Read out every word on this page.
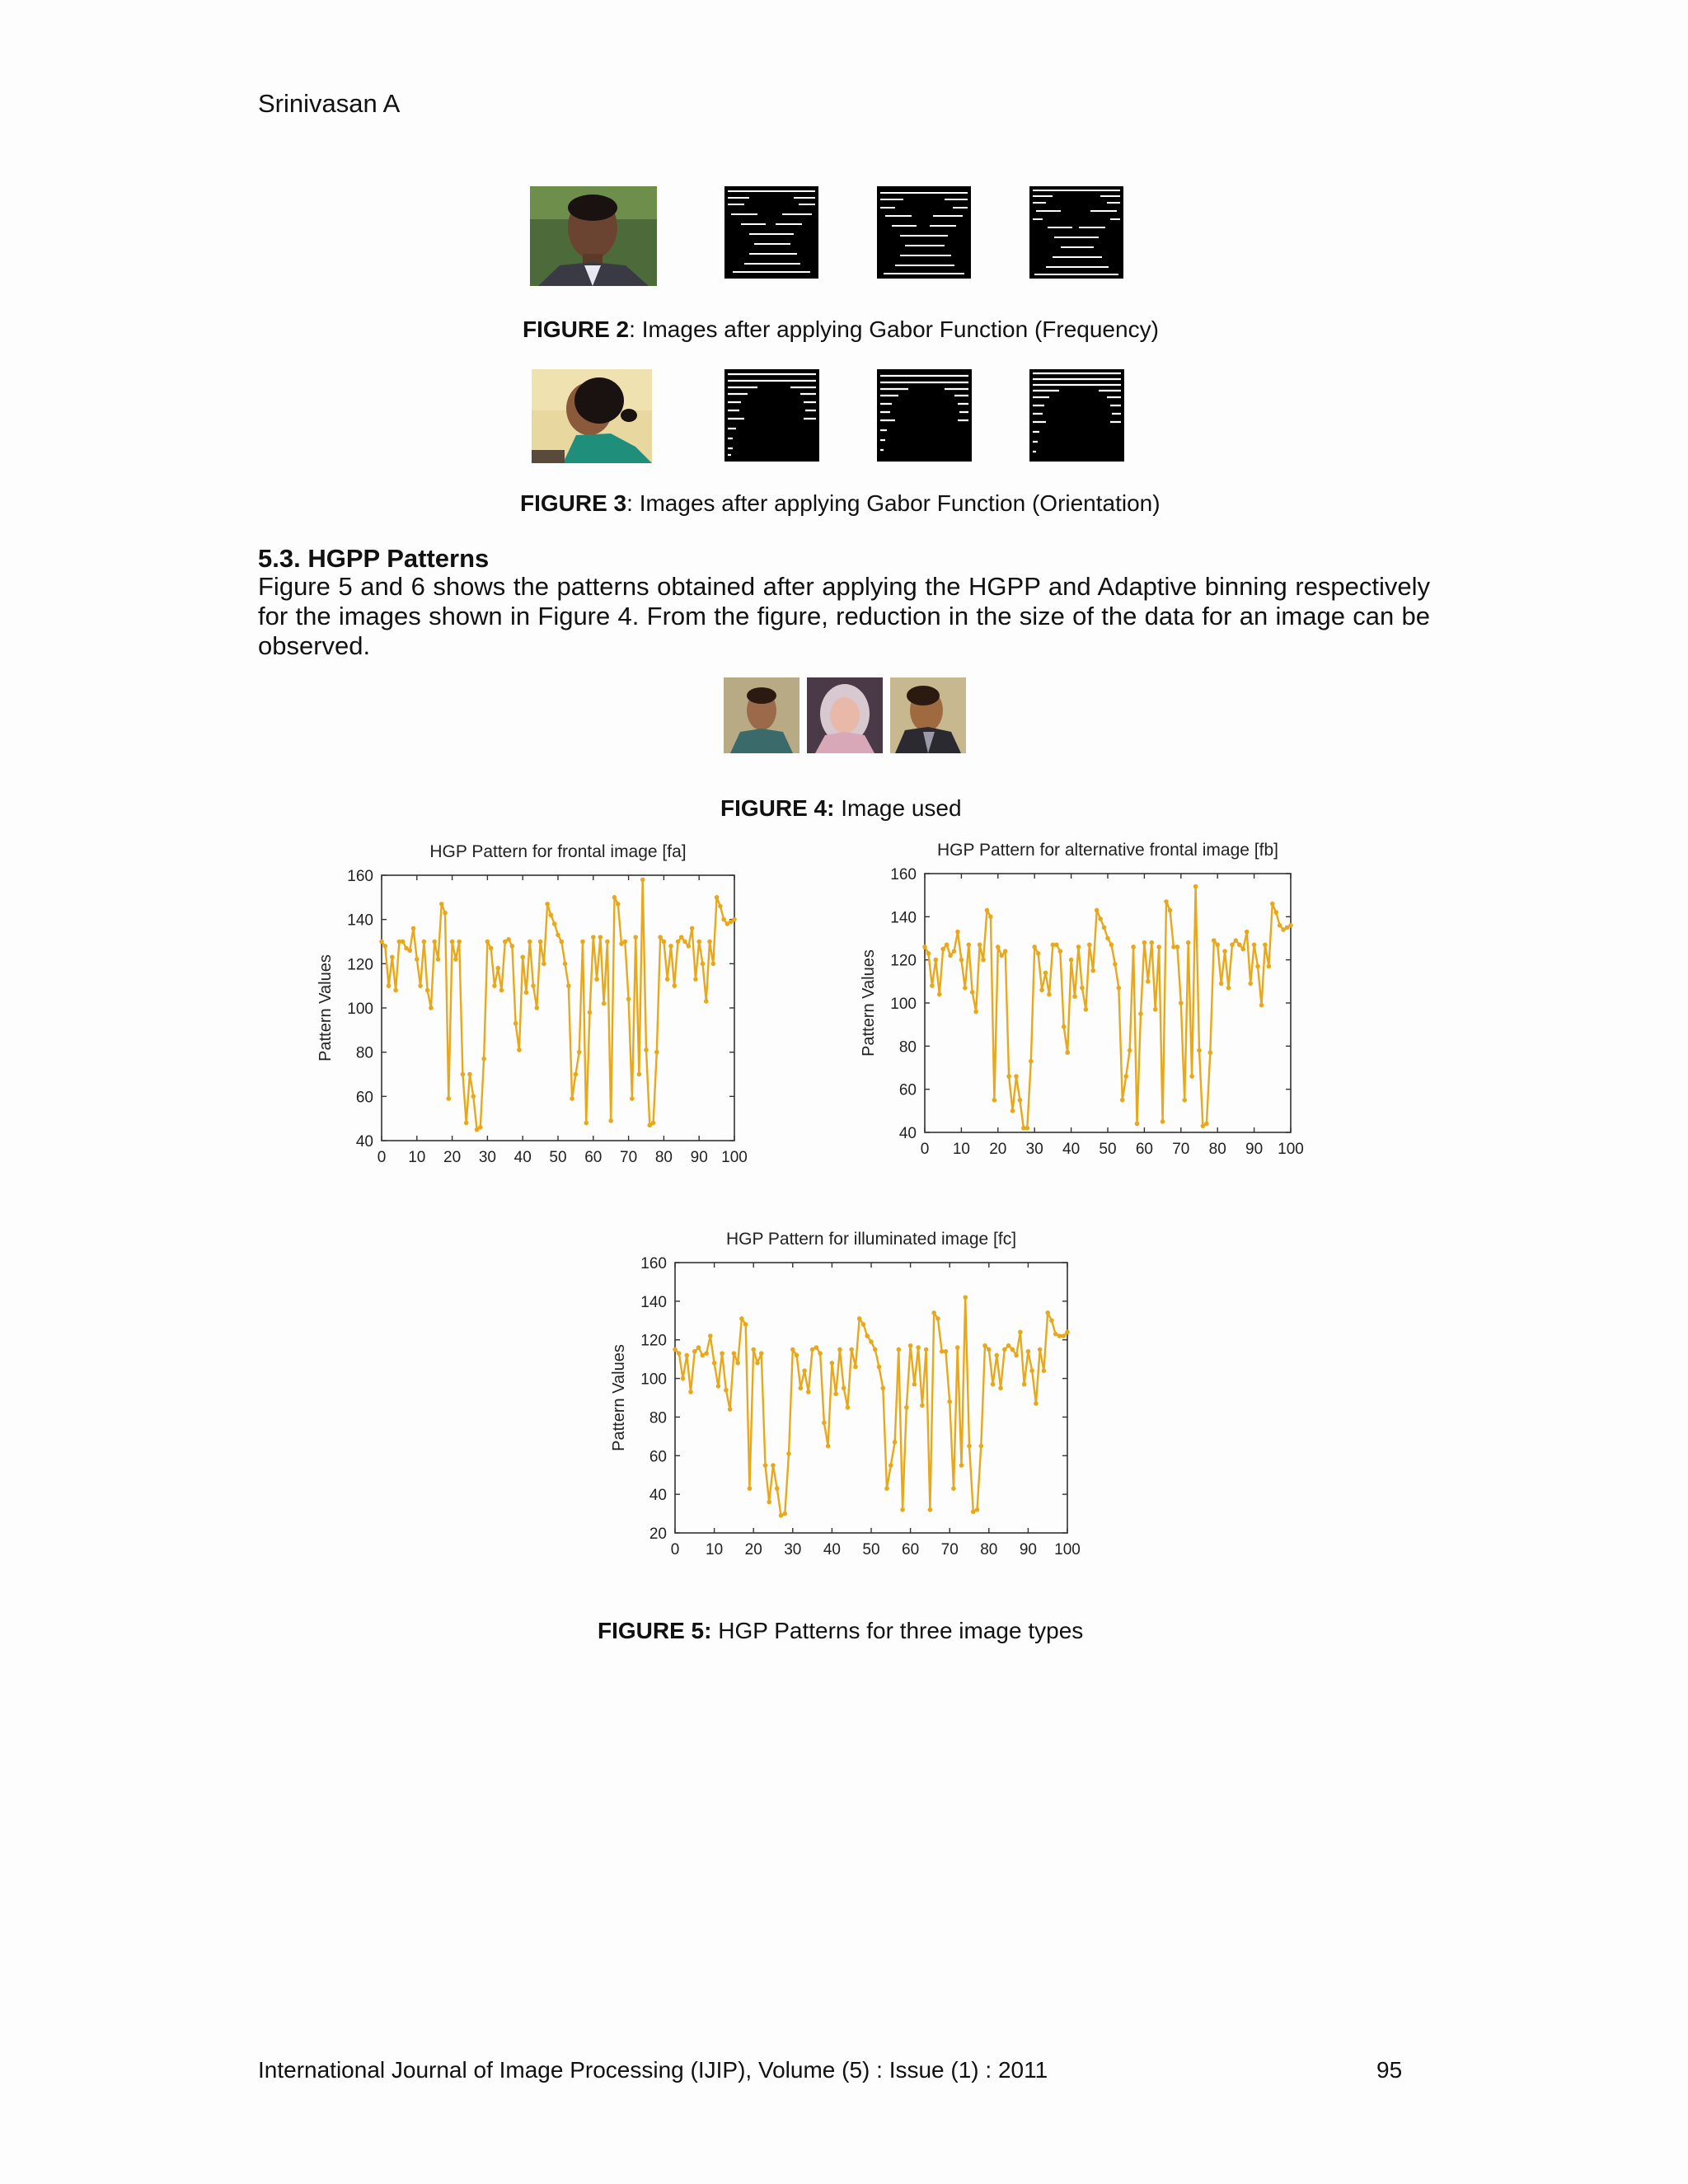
Srinivasan A
FIGURE 2: Images after applying Gabor Function (Frequency)
FIGURE 3: Images after applying Gabor Function (Orientation)
5.3. HGPP Patterns
Figure 5 and 6 shows the patterns obtained after applying the HGPP and Adaptive binning respectively for the images shown in Figure 4. From the figure, reduction in the size of the data for an image can be observed.
FIGURE 4: Image used
HGP Pattern for frontal image [fa]
Pattern Values
0 10 20 30 40 50 60 70 80 90 100
40
60
80
100
120
140
160
HGP Pattern for alternative frontal image [fb]
Pattern Values
0 10 20 30 40 50 60 70 80 90 100
40
60
80
100
120
140
160
HGP Pattern for illuminated image [fc]
Pattern Values
0 10 20 30 40 50 60 70 80 90 100
20
40
60
80
100
120
140
160
FIGURE 5: HGP Patterns for three image types
International Journal of Image Processing (IJIP), Volume (5) : Issue (1) : 2011	95
